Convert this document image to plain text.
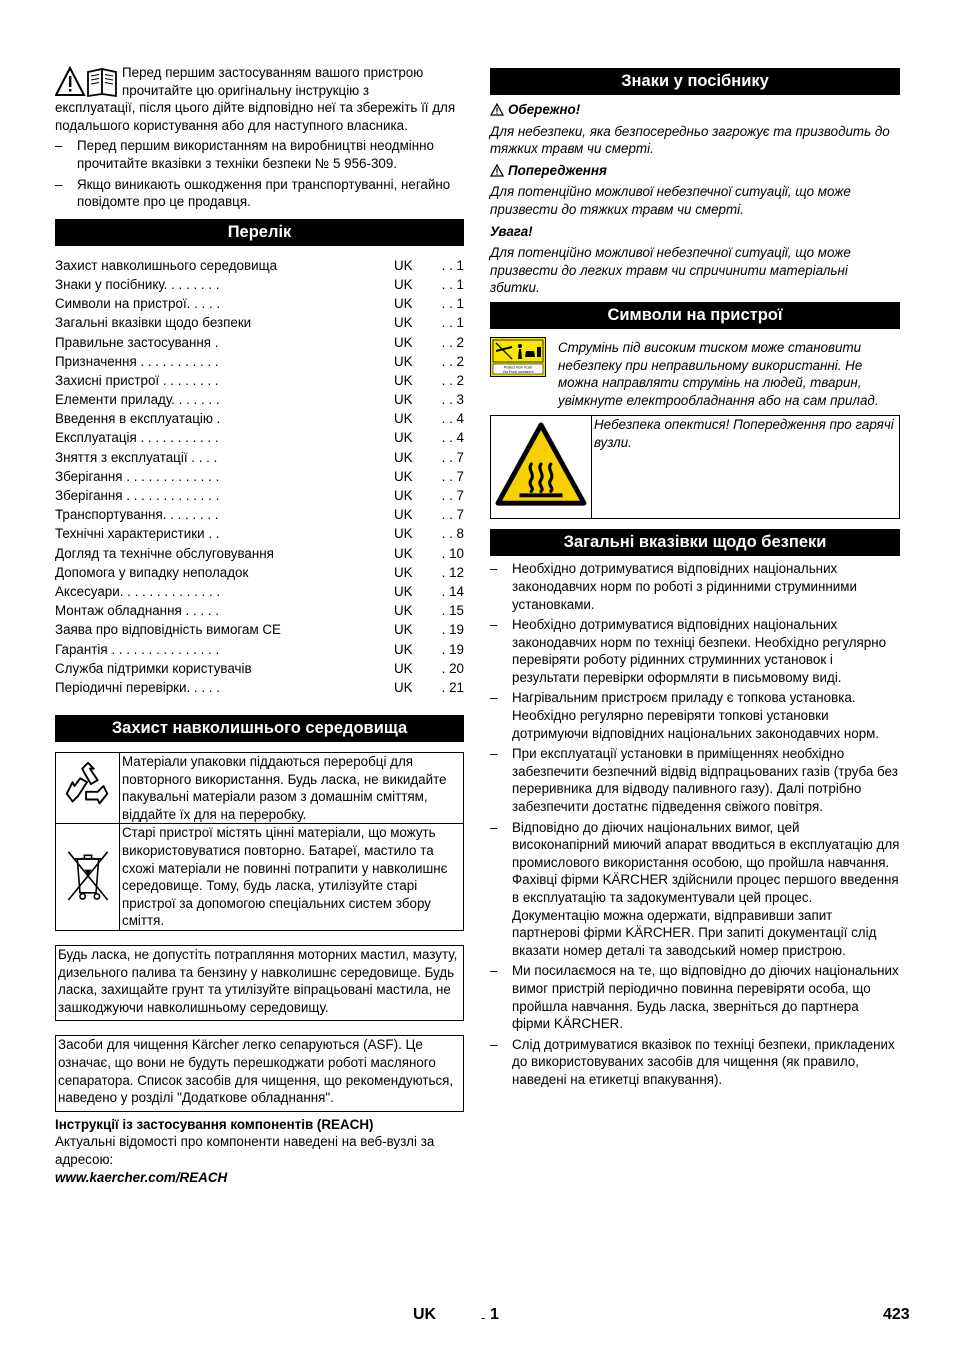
Перед першим застосуванням вашого пристрою
прочитайте цю оригінальну інструкцію з
експлуатації, після цього дійте відповідно неї та збережіть її для подальшого користування або для наступного власника.
– Перед першим використанням на виробництві неодмінно прочитайте вказівки з техніки безпеки № 5 956-309.
– Якщо виникають ошкодження при транспортуванні, негайно повідомте про це продавця.
Перелік
Захист навколишнього середовища	UK	. . 1
Знаки у посібнику. . . . . . . .	UK	. . 1
Символи на пристрої. . . . .	UK	. . 1
Загальні вказівки щодо безпеки	UK	. . 1
Правильне застосування .	UK	. . 2
Призначення . . . . . . . . . . .	UK	. . 2
Захисні пристрої . . . . . . . .	UK	. . 2
Елементи приладу. . . . . . .	UK	. . 3
Введення в експлуатацію .	UK	. . 4
Експлуатація . . . . . . . . . . .	UK	. . 4
Зняття з експлуатації . . . .	UK	. . 7
Зберігання . . . . . . . . . . . . .	UK	. . 7
Зберігання . . . . . . . . . . . . .	UK	. . 7
Транспортування. . . . . . . .	UK	. . 7
Технічні характеристики . .	UK	. . 8
Догляд та технічне обслуговування	UK	. 10
Допомога у випадку неполадок	UK	. 12
Аксесуари. . . . . . . . . . . . . .	UK	. 14
Монтаж обладнання . . . . .	UK	. 15
Заява про відповідність вимогам CE	UK	. 19
Гарантія . . . . . . . . . . . . . . .	UK	. 19
Служба підтримки користувачів	UK	. 20
Періодичні перевірки. . . . .	UK	. 21
Захист навколишнього середовища
	Матеріали упаковки піддаються переробці для повторного використання. Будь ласка, не викидайте пакувальні матеріали разом з домашнім сміттям, віддайте їх для на переробку.
	Старі пристрої містять цінні матеріали, що можуть використовуватися повторно. Батареї, мастило та схожі матеріали не повинні потрапити у навколишнє середовище. Тому, будь ласка, утилізуйте старі пристрої за допомогою спеціальних систем збору сміття.
Будь ласка, не допустіть потрапляння моторних мастил, мазуту, дизельного палива та бензину у навколишнє середовище. Будь ласка, захищайте грунт та утилізуйте віпрацьовані мастила, не зашкоджуючи навколишньому середовищу.
Засоби для чищення Kärcher легко сепаруються (ASF). Це означає, що вони не будуть перешкоджати роботі масляного сепаратора. Список засобів для чищення, що рекомендуються, наведено у розділі "Додаткове обладнання".
Інструкції із застосування компонентів (REACH)
Актуальні відомості про компоненти наведені на веб-вузлі за адресою:
www.kaercher.com/REACH
Знаки у посібнику
Обережно!
Для небезпеки, яка безпосередньо загрожує та призводить до тяжких травм чи смерті.
Попередження
Для потенційно можливої небезпечної ситуації, що може призвести до тяжких травм чи смерті.
Увага!
Для потенційно можливої небезпечної ситуації, що може призвести до легких травм чи спричинити матеріальні збитки.
Символи на пристрої
Protect from frost!
Vor Frost schützen!
Струмінь під високим тиском може становити небезпеку при неправильному використанні. Не можна направляти струмінь на людей, тварин, увімкнуте електрообладнання або на сам прилад.
	Небезпека опектися! Попередження про гарячі вузли.
Загальні вказівки щодо безпеки
– Необхідно дотримуватися відповідних національних законодавчих норм по роботі з рідинними струминними установками.
– Необхідно дотримуватися відповідних національних законодавчих норм по техніці безпеки. Необхідно регулярно перевіряти роботу рідинних струминних установок і результати перевірки оформляти в письмовому виді.
– Нагрівальним пристроєм приладу є топкова установка. Необхідно регулярно перевіряти топкові установки дотримуючи відповідних національних законодавчих норм.
– При експлуатації установки в приміщеннях необхідно забезпечити безпечний відвід відпрацьованих газів (труба без переривника для відводу паливного газу). Далі потрібно забезпечити достатнє підведення свіжого повітря.
– Відповідно до діючих національних вимог, цей високонапірний миючий апарат вводиться в експлуатацію для промислового використання особою, що пройшла навчання. Фахівці фірми KÄRCHER здійснили процес першого введення в експлуатацію та задокументували цей процес. Документацію можна одержати, відправивши запит партнерові фірми KÄRCHER. При запиті документації слід вказати номер деталі та заводський номер пристрою.
– Ми посилаємося на те, що відповідно до діючих національних вимог пристрій періодично повинна перевіряти особа, що пройшла навчання. Будь ласка, зверніться до партнера фірми KÄRCHER.
– Слід дотримуватися вказівок по техніці безпеки, прикладених до використовуваних засобів для чищення (як правило, наведені на етикетці впакування).
UK	- 1	423
